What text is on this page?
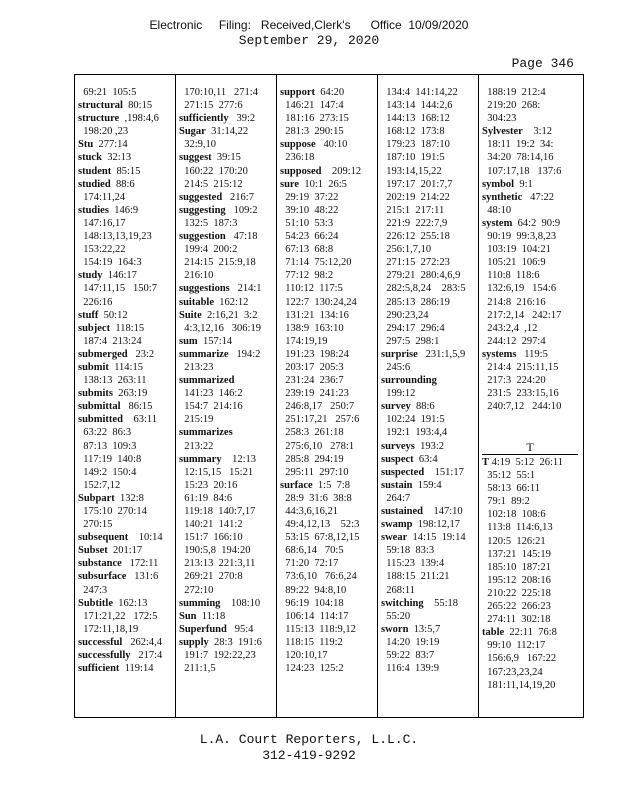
Electronic     Filing:   Received,Clerk's      Office  10/09/2020
September 29, 2020
Page 346
69:21  105:5
structural  80:15
structure  ,198:4,6
198:20 ,23
Stu  277:14
stuck  32:13
student  85:15
studied  88:6
174:11,24
studies  146:9
147:16,17
148:13,13,19,23
153:22,22
154:19  164:3
study  146:17
147:11,15   150:7
226:16
stuff  50:12
subject  118:15
187:4  213:24
submerged   23:2
submit  114:15
138:13  263:11
submits  263:19
submittal   86:15
submitted    63:11
63:22  86:3
87:13  109:3
117:19  140:8
149:2  150:4
152:7,12
Subpart  132:8
175:10  270:14
270:15
subsequent    10:14
Subset  201:17
substance   172:11
subsurface   131:6
247:3
Subtitle  162:13
171:21,22   172:5
172:11,18,19
successful   262:4,4
successfully   217:4
sufficient  119:14
170:10,11   271:4
271:15  277:6
sufficiently   39:2
Sugar  31:14,22
32:9,10
suggest  39:15
160:22  170:20
214:5  215:12
suggested   216:7
suggesting   109:2
132:5  187:3
suggestion   47:18
199:4  200:2
214:15  215:9,18
216:10
suggestions   214:1
suitable  162:12
Suite  2:16,21  3:2
4:3,12,16   306:19
sum  157:14
summarize   194:2
213:23
summarized
141:23  146:2
154:7  214:16
215:19
summarizes
213:22
summary    12:13
12:15,15   15:21
15:23  20:16
61:19  84:6
119:18  140:7,17
140:21  141:2
151:7  166:10
190:5,8  194:20
213:13  221:3,11
269:21  270:8
272:10
summing    108:10
Sun  11:18
Superfund   95:4
supply  28:3  191:6
191:7  192:22,23
211:1,5
support  64:20
146:21  147:4
181:16  273:15
281:3  290:15
suppose   40:10
236:18
supposed    209:12
sure  10:1  26:5
29:19  37:22
39:10  48:22
51:10  53:3
54:23  66:24
67:13  68:8
71:14  75:12,20
77:12  98:2
110:12  117:5
122:7  130:24,24
131:21  134:16
138:9  163:10
174:19,19
191:23  198:24
203:17  205:3
231:24  236:7
239:19  241:23
246:8,17   250:7
251:17,21   257:6
258:3  261:18
275:6,10   278:1
285:8  294:19
295:11  297:10
surface  1:5  7:8
28:9  31:6  38:8
44:3,6,16,21
49:4,12,13    52:3
53:15  67:8,12,15
68:6,14   70:5
71:20  72:17
73:6,10   76:6,24
89:22  94:8,10
96:19  104:18
106:14  114:17
115:13  118:9,12
118:15  119:2
120:10,17
124:23  125:2
134:4  141:14,22
143:14  144:2,6
144:13  168:12
168:12  173:8
179:23  187:10
187:10  191:5
193:14,15,22
197:17  201:7,7
202:19  214:22
215:1  217:11
221:9  222:7,9
226:12  255:18
256:1,7,10
271:15  272:23
279:21  280:4,6,9
282:5,8,24    283:5
285:13  286:19
290:23,24
294:17  296:4
297:5  298:1
surprise   231:1,5,9
245:6
surrounding
199:12
survey  88:6
102:24  191:5
192:1  193:4,4
surveys  193:2
suspect  63:4
suspected    151:17
sustain  159:4
264:7
sustained    147:10
swamp  198:12,17
swear  14:15  19:14
59:18  83:3
115:23  139:4
188:15  211:21
268:11
switching    55:18
55:20
sworn  13:5,7
14:20  19:19
59:22  83:7
116:4  139:9
188:19  212:4
219:20  268:
304:23
Sylvester    3:12
18:11  19:2  34:
34:20  78:14,16
107:17,18   137:6
symbol  9:1
synthetic   47:22
48:10
system  64:2  90:9
90:19  99:3,8,23
103:19  104:21
105:21  106:9
110:8  118:6
132:6,19   154:6
214:8  216:16
217:2,14   242:17
243:2,4  ,12
244:12  297:4
systems   119:5
214:4  215:11,15
217:3  224:20
231:5  233:15,16
240:7,12   244:10
T
T 4:19  5:12  26:11
35:12  55:1
58:13  66:11
79:1  89:2
102:18  108:6
113:8  114:6,13
120:5  126:21
137:21  145:19
185:10  187:21
195:12  208:16
210:22  225:18
265:22  266:23
274:11  302:18
table  22:11  76:8
99:10  112:17
156:6,9   167:22
167:23,23,24
181:11,14,19,20
L.A. Court Reporters, L.L.C.
312-419-9292
